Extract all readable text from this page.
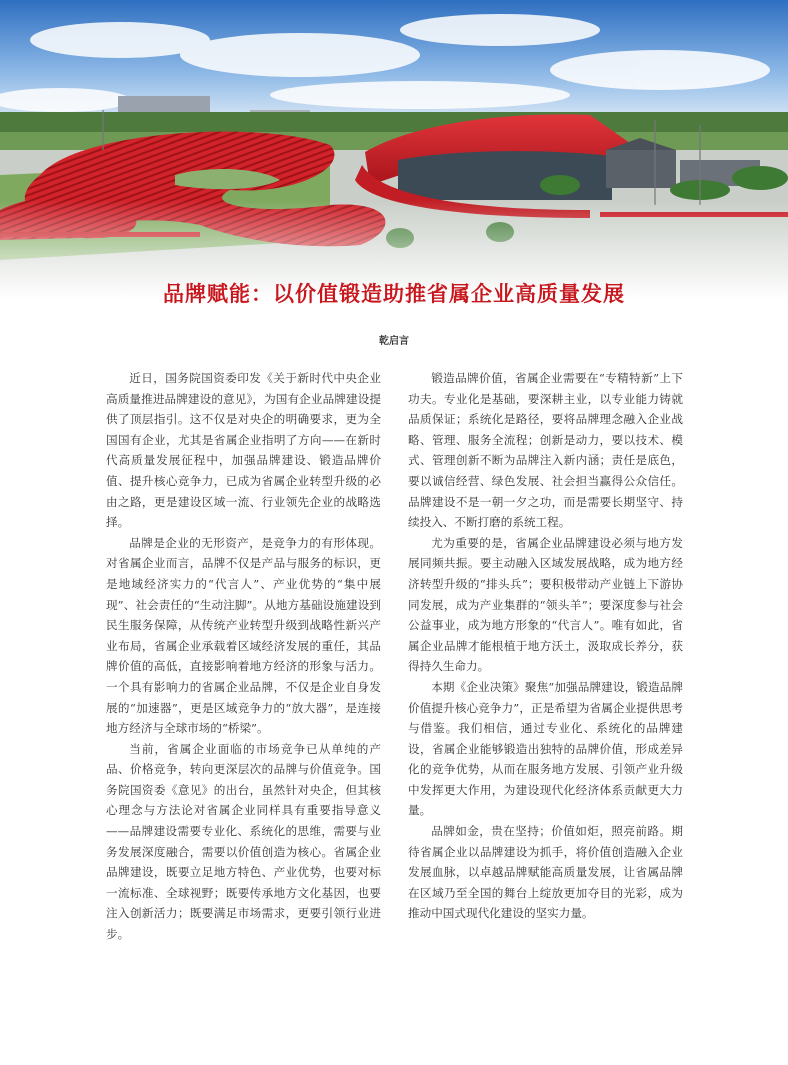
品牌赋能：以价值锻造助推省属企业高质量发展
乾启言

近日，国务院国资委印发《关于新时代中央企业高质量推进品牌建设的意见》，为国有企业品牌建设提供了顶层指引。这不仅是对央企的明确要求，更为全国国有企业，尤其是省属企业指明了方向——在新时代高质量发展征程中，加强品牌建设、锻造品牌价值、提升核心竞争力，已成为省属企业转型升级的必由之路，更是建设区域一流、行业领先企业的战略选择。

品牌是企业的无形资产，是竞争力的有形体现。对省属企业而言，品牌不仅是产品与服务的标识，更是地域经济实力的“代言人”、产业优势的“集中展现”、社会责任的“生动注脚”。从地方基础设施建设到民生服务保障，从传统产业转型升级到战略性新兴产业布局，省属企业承载着区域经济发展的重任，其品牌价值的高低，直接影响着地方经济的形象与活力。一个具有影响力的省属企业品牌，不仅是企业自身发展的“加速器”，更是区域竞争力的“放大器”，是连接地方经济与全球市场的“桥梁”。

当前，省属企业面临的市场竞争已从单纯的产品、价格竞争，转向更深层次的品牌与价值竞争。国务院国资委《意见》的出台，虽然针对央企，但其核心理念与方法论对省属企业同样具有重要指导意义——品牌建设需要专业化、系统化的思维，需要与业务发展深度融合，需要以价值创造为核心。省属企业品牌建设，既要立足地方特色、产业优势，也要对标一流标准、全球视野；既要传承地方文化基因，也要注入创新活力；既要满足市场需求，更要引领行业进步。

锻造品牌价值，省属企业需要在“专精特新”上下功夫。专业化是基础，要深耕主业，以专业能力铸就品质保证；系统化是路径，要将品牌理念融入企业战略、管理、服务全流程；创新是动力，要以技术、模式、管理创新不断为品牌注入新内涵；责任是底色，要以诚信经营、绿色发展、社会担当赢得公众信任。品牌建设不是一朝一夕之功，而是需要长期坚守、持续投入、不断打磨的系统工程。

尤为重要的是，省属企业品牌建设必须与地方发展同频共振。要主动融入区域发展战略，成为地方经济转型升级的“排头兵”；要积极带动产业链上下游协同发展，成为产业集群的“领头羊”；要深度参与社会公益事业，成为地方形象的“代言人”。唯有如此，省属企业品牌才能根植于地方沃土，汲取成长养分，获得持久生命力。

本期《企业决策》聚焦“加强品牌建设，锻造品牌价值提升核心竞争力”，正是希望为省属企业提供思考与借鉴。我们相信，通过专业化、系统化的品牌建设，省属企业能够锻造出独特的品牌价值，形成差异化的竞争优势，从而在服务地方发展、引领产业升级中发挥更大作用，为建设现代化经济体系贡献更大力量。

品牌如金，贵在坚持；价值如炬，照亮前路。期待省属企业以品牌建设为抓手，将价值创造融入企业发展血脉，以卓越品牌赋能高质量发展，让省属品牌在区域乃至全国的舞台上绽放更加夺目的光彩，成为推动中国式现代化建设的坚实力量。
